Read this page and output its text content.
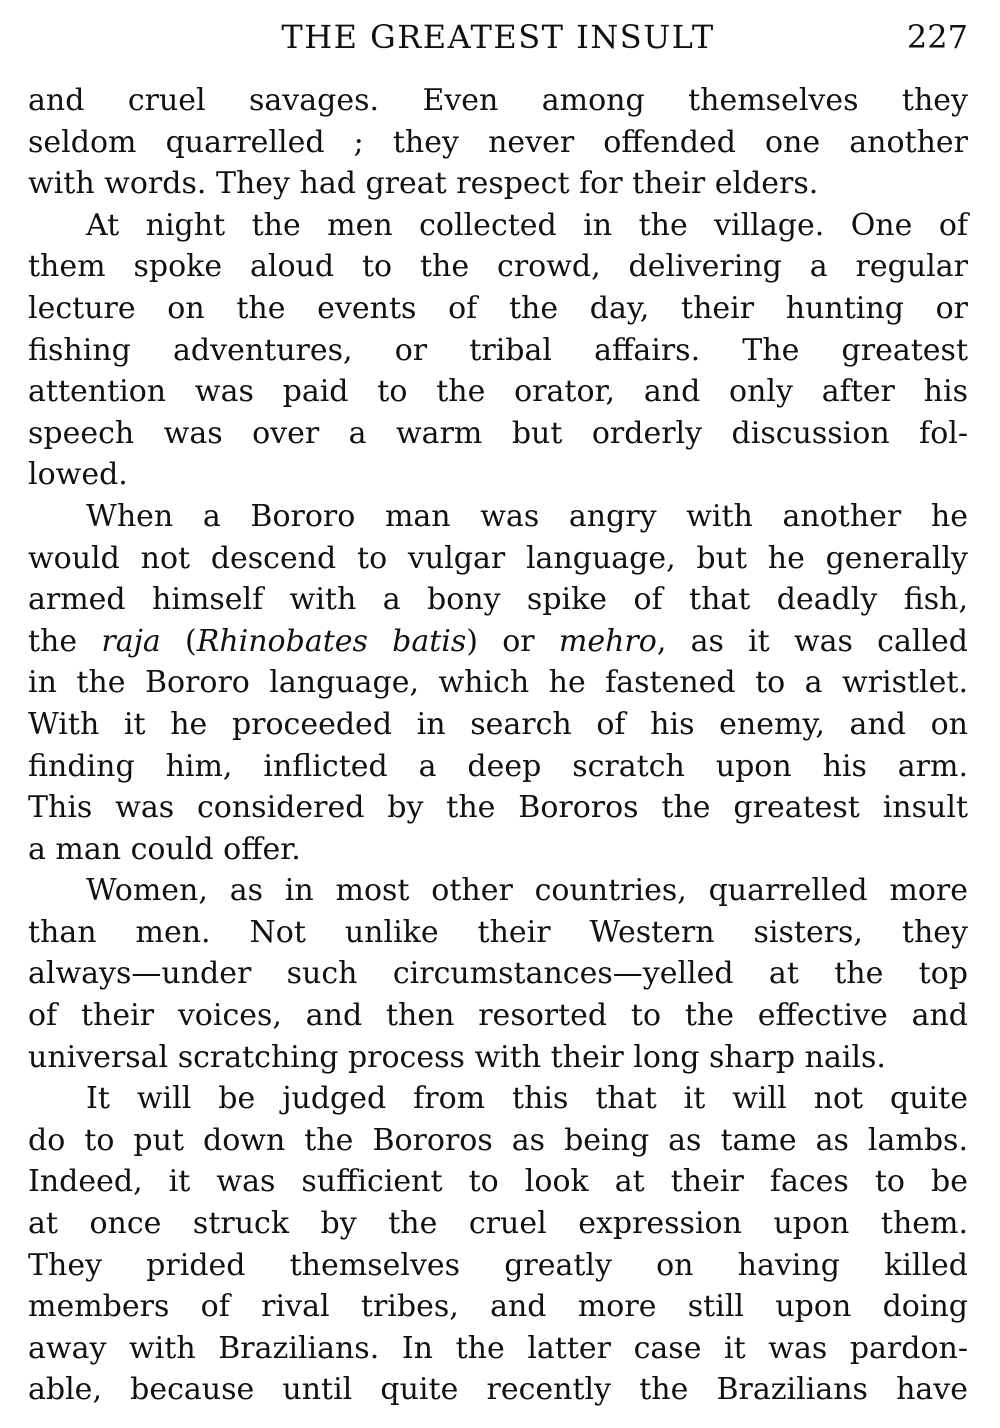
THE GREATEST INSULT	227
and cruel savages. Even among themselves they
seldom quarrelled ; they never offended one another
with words. They had great respect for their elders.
At night the men collected in the village. One of
them spoke aloud to the crowd, delivering a regular
lecture on the events of the day, their hunting or
fishing adventures, or tribal affairs. The greatest
attention was paid to the orator, and only after his
speech was over a warm but orderly discussion fol-
lowed.
When a Bororo man was angry with another he
would not descend to vulgar language, but he generally
armed himself with a bony spike of that deadly fish,
the raja (Rhinobates batis) or mehro, as it was called
in the Bororo language, which he fastened to a wristlet.
With it he proceeded in search of his enemy, and on
finding him, inflicted a deep scratch upon his arm.
This was considered by the Bororos the greatest insult
a man could offer.
Women, as in most other countries, quarrelled more
than men. Not unlike their Western sisters, they
always—under such circumstances—yelled at the top
of their voices, and then resorted to the effective and
universal scratching process with their long sharp nails.
It will be judged from this that it will not quite
do to put down the Bororos as being as tame as lambs.
Indeed, it was sufficient to look at their faces to be
at once struck by the cruel expression upon them.
They prided themselves greatly on having killed
members of rival tribes, and more still upon doing
away with Brazilians. In the latter case it was pardon-
able, because until quite recently the Brazilians have
